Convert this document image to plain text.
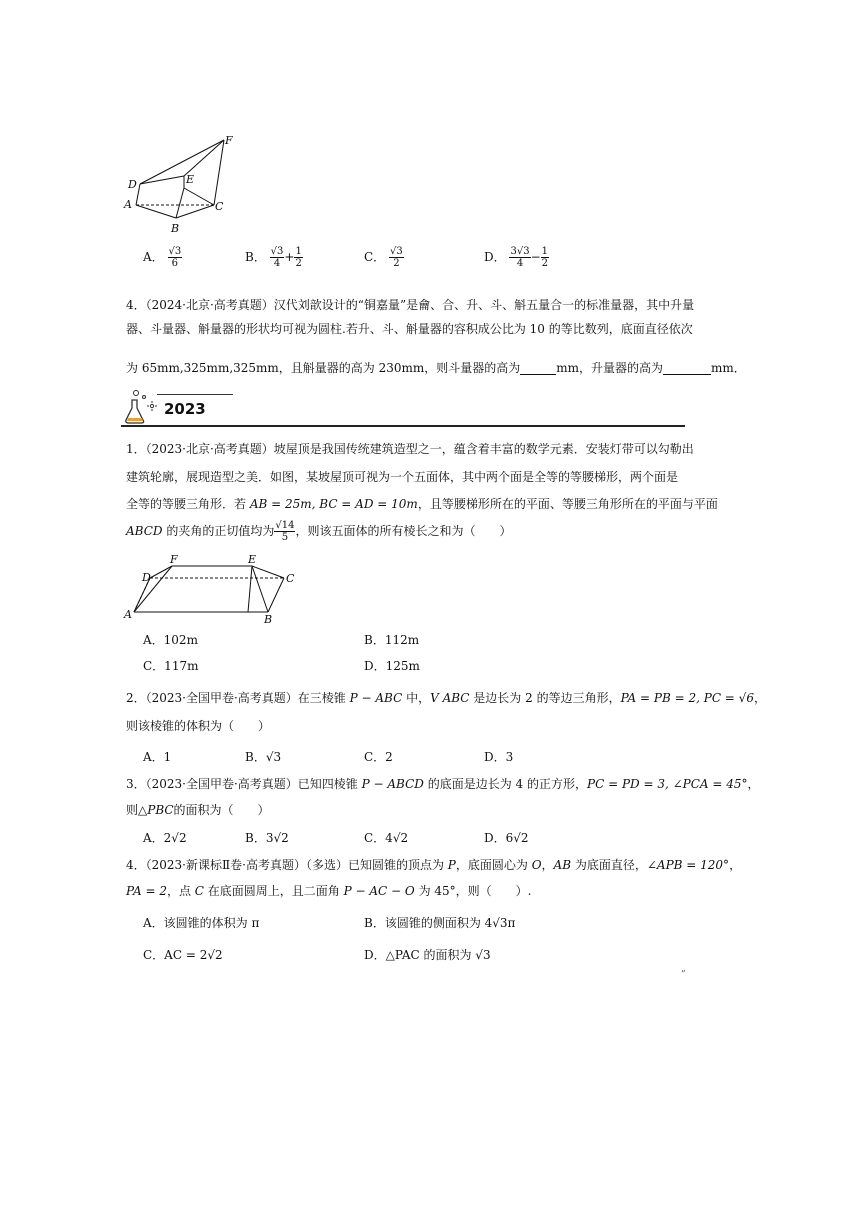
F
E
D
A
B
C
A． $\frac{√3}{6}$	B． $\frac{√3}{4} + \frac{1}{2}$	C． $\frac{√3}{2}$	D． $\frac{3√3}{4} - \frac{1}{2}$
4．（2024·北京·高考真题）汉代刘歆设计的“铜嘉量”是龠、合、升、斗、斛五量合一的标准量器，其中升量
器、斗量器、斛量器的形状均可视为圆柱.若升、斗、斛量器的容积成公比为 10 的等比数列，底面直径依次
为 65mm,325mm,325mm，且斛量器的高为 230mm，则斗量器的高为	mm，升量器的高为	mm．
2023
1．（2023·北京·高考真题）坡屋顶是我国传统建筑造型之一，蕴含着丰富的数学元素．安装灯带可以勾勒出
建筑轮廓，展现造型之美．如图，某坡屋顶可视为一个五面体，其中两个面是全等的等腰梯形，两个面是
全等的等腰三角形．若 AB = 25m, BC = AD = 10m，且等腰梯形所在的平面、等腰三角形所在的平面与平面
ABCD 的夹角的正切值均为 $\frac{√14}{5}$ ，则该五面体的所有棱长之和为（　　）
F	E
D	C
A	B
A．102m	B．112m
C．117m	D．125m
2．（2023·全国甲卷·高考真题）在三棱锥 P − ABC 中，V ABC 是边长为 2 的等边三角形，PA = PB = 2, PC = √6，
则该棱锥的体积为（　　）
A．1	B．√3	C．2	D．3
3．（2023·全国甲卷·高考真题）已知四棱锥 P − ABCD 的底面是边长为 4 的正方形，PC = PD = 3, ∠PCA = 45°，
则△PBC的面积为（　　）
A．2√2	B．3√2	C．4√2	D．6√2
4．（2023·新课标Ⅱ卷·高考真题）（多选）已知圆锥的顶点为 P，底面圆心为 O，AB 为底面直径，∠APB = 120°，
PA = 2，点 C 在底面圆周上，且二面角 P − AC − O 为 45°，则（　　）.
A．该圆锥的体积为 π	B．该圆锥的侧面积为 4√3π
C．AC = 2√2	D．△PAC 的面积为 √3
”
